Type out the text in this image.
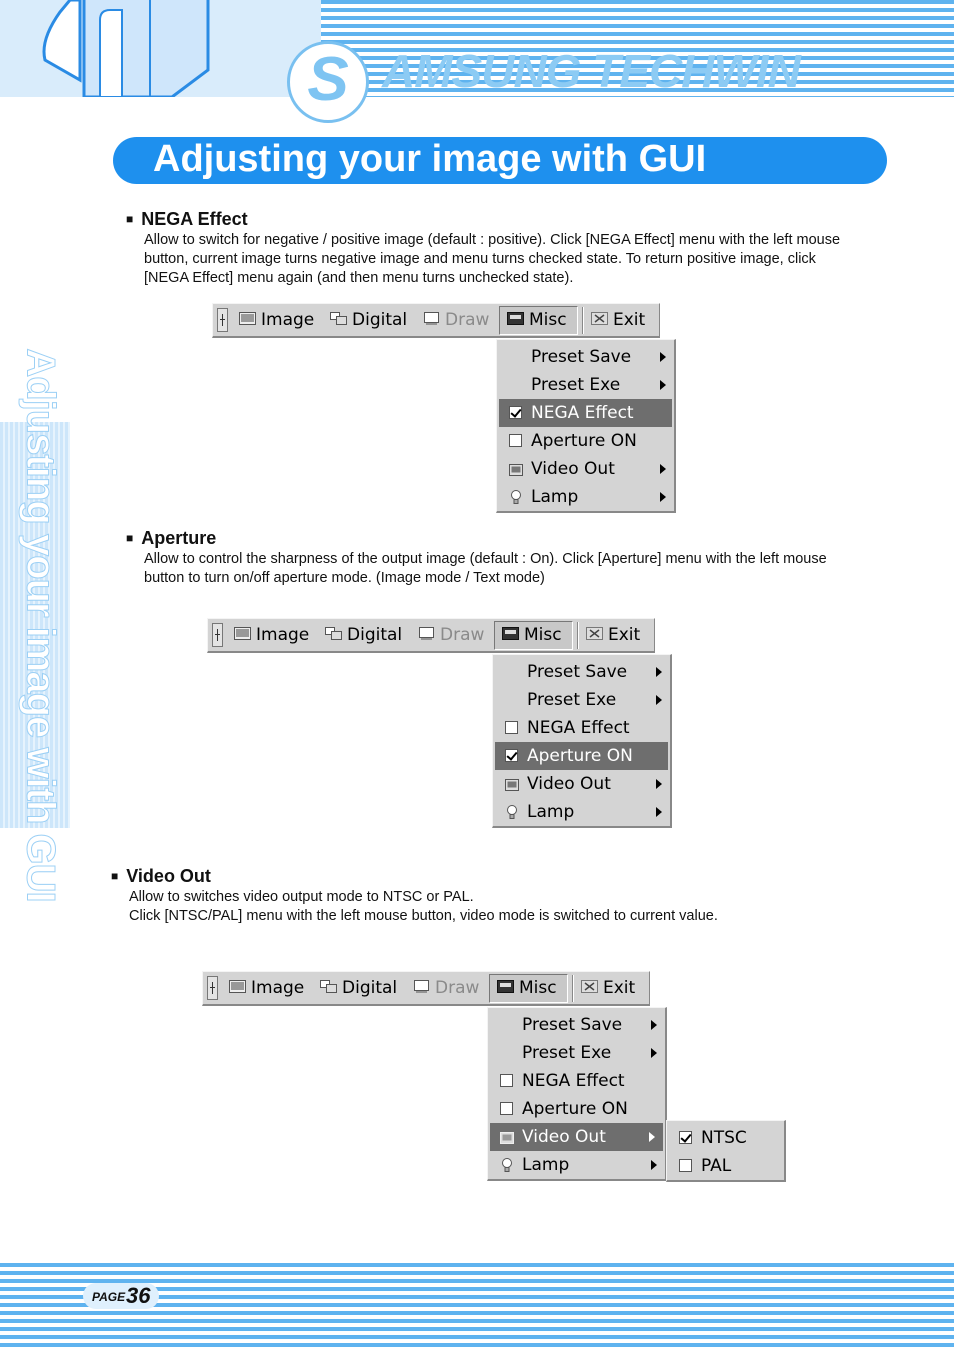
S AMSUNG TECHWIN
Adjusting your image with GUI
Adjusting your image with GUI
■ NEGA Effect
Allow to switch for negative / positive image (default : positive). Click [NEGA Effect] menu with the left mouse
button, current image turns negative image and menu turns checked state. To return positive image, click
[NEGA Effect] menu again (and then menu turns unchecked state).
■ Aperture
Allow to control the sharpness of the output image (default : On). Click [Aperture] menu with the left mouse
button to turn on/off aperture mode. (Image mode / Text mode)
■ Video Out
Allow to switches video output mode to NTSC or PAL.
Click [NTSC/PAL] menu with the left mouse button, video mode is switched to current value.
Image	Digital	Draw	Misc	Exit
Preset Save
Preset Exe
NEGA Effect
Aperture ON
Video Out
Lamp
Image	Digital	Draw	Misc	Exit
Preset Save
Preset Exe
NEGA Effect
Aperture ON
Video Out
Lamp
Image	Digital	Draw	Misc	Exit
Preset Save
Preset Exe
NEGA Effect
Aperture ON
Video Out
Lamp
NTSC
PAL
PAGE 36
